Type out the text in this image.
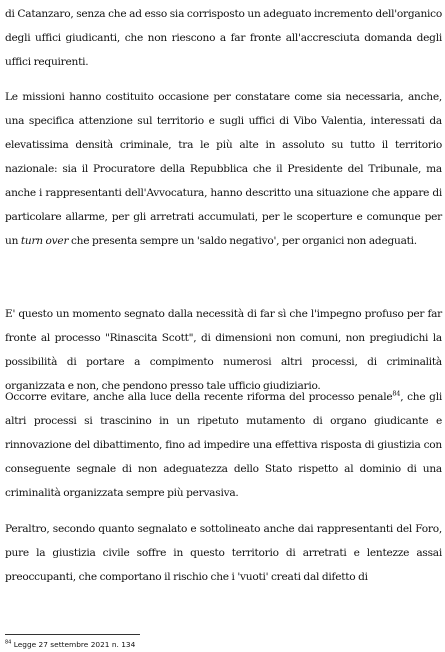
di Catanzaro, senza che ad esso sia corrisposto un adeguato incremento dell'organico degli uffici giudicanti, che non riescono a far fronte all'accresciuta domanda degli uffici requirenti.

Le missioni hanno costituito occasione per constatare come sia necessaria, anche, una specifica attenzione sul territorio e sugli uffici di Vibo Valentia, interessati da elevatissima densità criminale, tra le più alte in assoluto su tutto il territorio nazionale: sia il Procuratore della Repubblica che il Presidente del Tribunale, ma anche i rappresentanti dell'Avvocatura, hanno descritto una situazione che appare di particolare allarme, per gli arretrati accumulati, per le scoperture e comunque per un turn over che presenta sempre un 'saldo negativo', per organici non adeguati.

E' questo un momento segnato dalla necessità di far sì che l'impegno profuso per far fronte al processo "Rinascita Scott", di dimensioni non comuni, non pregiudichi la possibilità di portare a compimento numerosi altri processi, di criminalità organizzata e non, che pendono presso tale ufficio giudiziario.

Occorre evitare, anche alla luce della recente riforma del processo penale$^{84}$, che gli altri processi si trascinino in un ripetuto mutamento di organo giudicante e rinnovazione del dibattimento, fino ad impedire una effettiva risposta di giustizia con conseguente segnale di non adeguatezza dello Stato rispetto al dominio di una criminalità organizzata sempre più pervasiva.

Peraltro, secondo quanto segnalato e sottolineato anche dai rappresentanti del Foro, pure la giustizia civile soffre in questo territorio di arretrati e lentezze assai preoccupanti, che comportano il rischio che i 'vuoti' creati dal difetto di

$^{84}$ Legge 27 settembre 2021 n. 134
